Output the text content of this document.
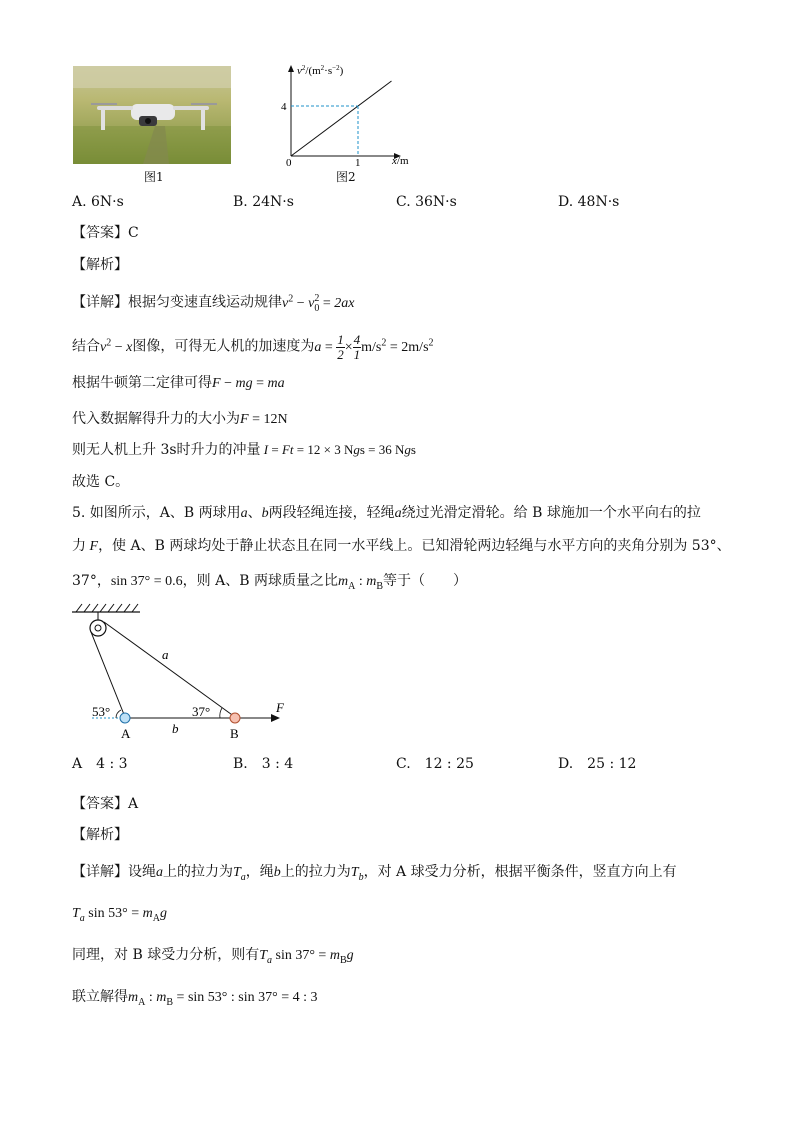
图1
$v^2/(m^2\cdot s^{-2})$
x/m
0
4
1
图2
A. 6N·s	B. 24N·s	C. 36N·s	D. 48N·s
【答案】C
【解析】
【详解】根据匀变速直线运动规律$v^2 - v_0^2 = 2ax$
结合$v^2 - x$图像，可得无人机的加速度为$a = \frac{1}{2} \times \frac{4}{1} m/s^2 = 2m/s^2$
根据牛顿第二定律可得F − mg = ma
代入数据解得升力的大小为F = 12N
则无人机上升 3s时升力的冲量 I = Ft = 12 × 3 Ngs = 36 Ngs
故选 C。
5. 如图所示，A、B 两球用a、b两段轻绳连接，轻绳a绕过光滑定滑轮。给 B 球施加一个水平向右的拉
力 F，使 A、B 两球均处于静止状态且在同一水平线上。已知滑轮两边轻绳与水平方向的夹角分别为 53°、
37°，sin 37° = 0.6，则 A、B 两球质量之比$m_A$ : $m_B$等于（　　）
a
b
F
A	B
53°	37°
A　4 : 3	B.　3 : 4	C.　12 : 25	D.　25 : 12
【答案】A
【解析】
【详解】设绳a上的拉力为$T_a$，绳b上的拉力为$T_b$，对 A 球受力分析，根据平衡条件，竖直方向上有
$T_a$ $\sin 53^\circ = m_Ag$
同理，对 B 球受力分析，则有$T_a$ $\sin 37^\circ = m_Bg$
联立解得$m_A$ : $m_B = \sin 53^\circ$ : sin 37° = 4 : 3
